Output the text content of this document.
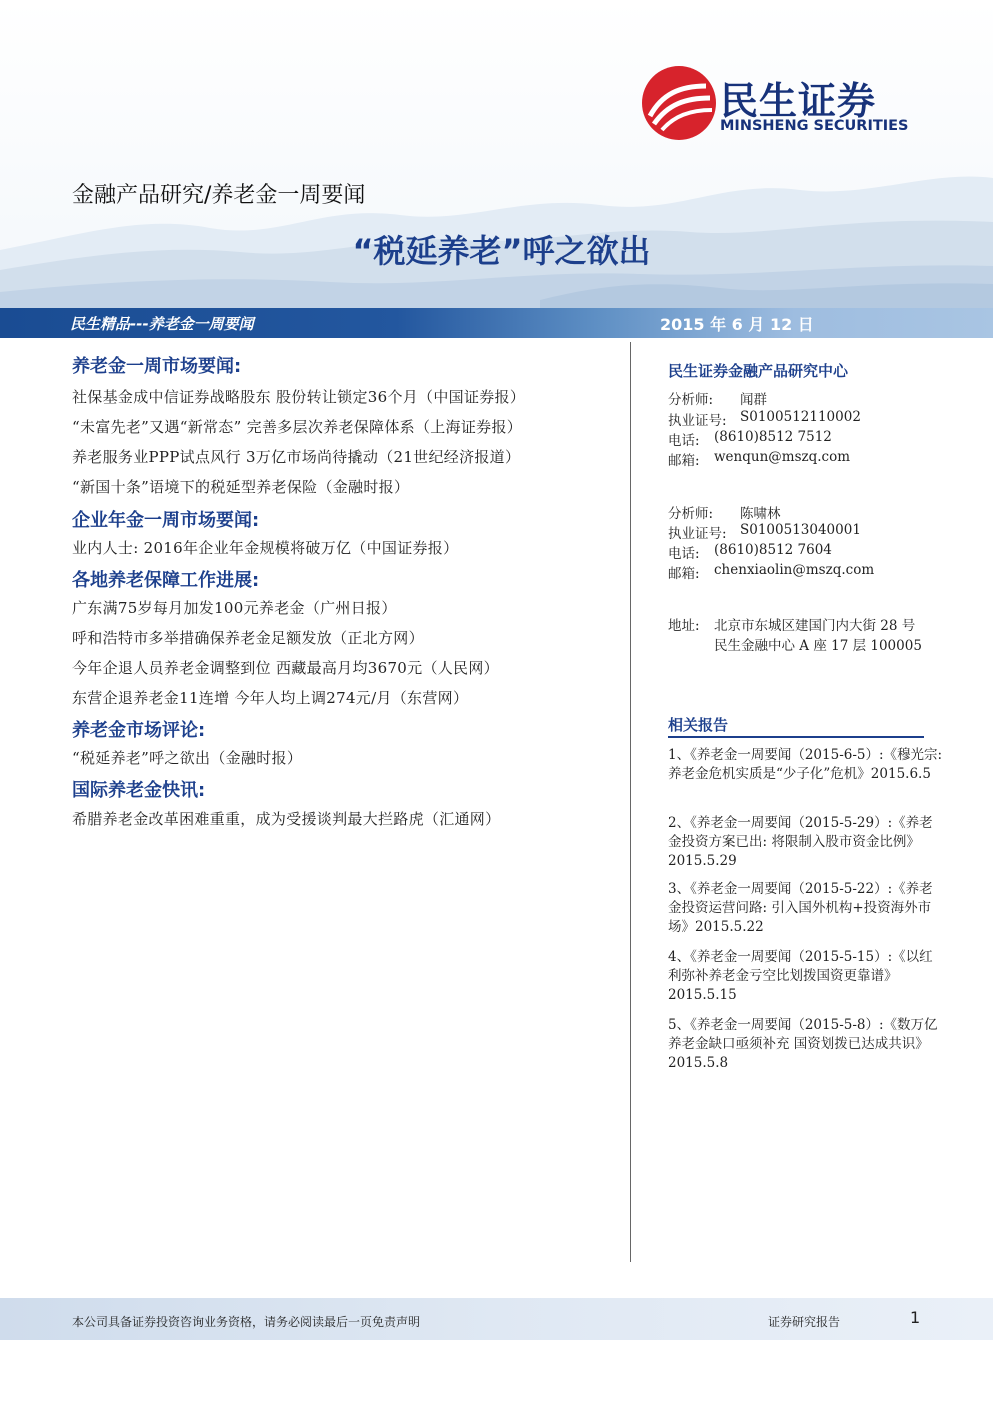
民生证券
MINSHENG SECURITIES
金融产品研究/养老金一周要闻
“税延养老”呼之欲出
民生精品---养老金一周要闻	2015 年 6 月 12 日
养老金一周市场要闻:
社保基金成中信证券战略股东 股份转让锁定36个月（中国证券报）
“未富先老”又遇“新常态” 完善多层次养老保障体系（上海证券报）
养老服务业PPP试点风行 3万亿市场尚待撬动（21世纪经济报道）
“新国十条”语境下的税延型养老保险（金融时报）
企业年金一周市场要闻:
业内人士: 2016年企业年金规模将破万亿（中国证券报）
各地养老保障工作进展:
广东满75岁每月加发100元养老金（广州日报）
呼和浩特市多举措确保养老金足额发放（正北方网）
今年企退人员养老金调整到位 西藏最高月均3670元（人民网）
东营企退养老金11连增 今年人均上调274元/月（东营网）
养老金市场评论:
“税延养老”呼之欲出（金融时报）
国际养老金快讯:
希腊养老金改革困难重重，成为受援谈判最大拦路虎（汇通网）
民生证券金融产品研究中心
分析师: 闻群
执业证号: S0100512110002
电话: (8610)8512 7512
邮箱: wenqun@mszq.com
分析师: 陈啸林
执业证号: S0100513040001
电话: (8610)8512 7604
邮箱: chenxiaolin@mszq.com
地址: 北京市东城区建国门内大街 28 号
民生金融中心 A 座 17 层 100005
相关报告
1、《养老金一周要闻（2015-6-5）:《穆光宗: 养老金危机实质是“少子化”危机》2015.6.5
2、《养老金一周要闻（2015-5-29）:《养老金投资方案已出: 将限制入股市资金比例》2015.5.29
3、《养老金一周要闻（2015-5-22）:《养老金投资运营问路: 引入国外机构+投资海外市场》2015.5.22
4、《养老金一周要闻（2015-5-15）:《以红利弥补养老金亏空比划拨国资更靠谱》2015.5.15
5、《养老金一周要闻（2015-5-8）:《数万亿养老金缺口亟须补充 国资划拨已达成共识》2015.5.8
本公司具备证券投资咨询业务资格，请务必阅读最后一页免责声明	证券研究报告	1
